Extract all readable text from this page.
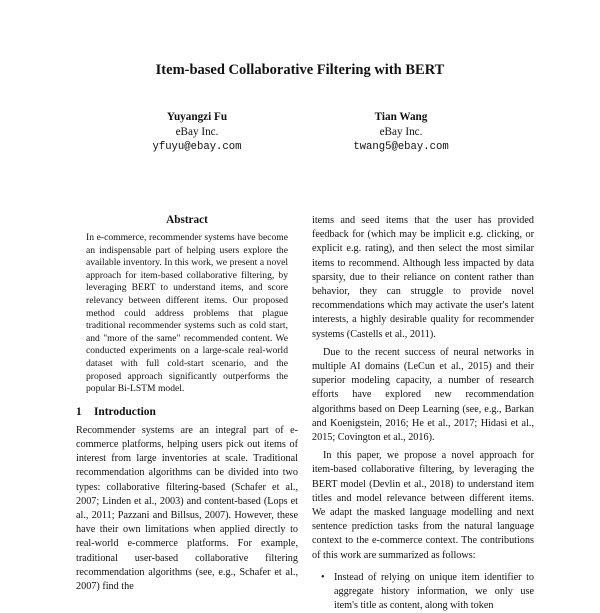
Item-based Collaborative Filtering with BERT
Yuyangzi Fu
eBay Inc.
yfuyu@ebay.com
Tian Wang
eBay Inc.
twang5@ebay.com
Abstract

In e-commerce, recommender systems have become an indispensable part of helping users explore the available inventory. In this work, we present a novel approach for item-based collaborative filtering, by leveraging BERT to understand items, and score relevancy between different items. Our proposed method could address problems that plague traditional recommender systems such as cold start, and "more of the same" recommended content. We conducted experiments on a large-scale real-world dataset with full cold-start scenario, and the proposed approach significantly outperforms the popular Bi-LSTM model.

1 Introduction

Recommender systems are an integral part of e-commerce platforms, helping users pick out items of interest from large inventories at scale. Traditional recommendation algorithms can be divided into two types: collaborative filtering-based (Schafer et al., 2007; Linden et al., 2003) and content-based (Lops et al., 2011; Pazzani and Billsus, 2007). However, these have their own limitations when applied directly to real-world e-commerce platforms. For example, traditional user-based collaborative filtering recommendation algorithms (see, e.g., Schafer et al., 2007) find the

items and seed items that the user has provided feedback for (which may be implicit e.g. clicking, or explicit e.g. rating), and then select the most similar items to recommend. Although less impacted by data sparsity, due to their reliance on content rather than behavior, they can struggle to provide novel recommendations which may activate the user's latent interests, a highly desirable quality for recommender systems (Castells et al., 2011).

Due to the recent success of neural networks in multiple AI domains (LeCun et al., 2015) and their superior modeling capacity, a number of research efforts have explored new recommendation algorithms based on Deep Learning (see, e.g., Barkan and Koenigstein, 2016; He et al., 2017; Hidasi et al., 2015; Covington et al., 2016).

In this paper, we propose a novel approach for item-based collaborative filtering, by leveraging the BERT model (Devlin et al., 2018) to understand item titles and model relevance between different items. We adapt the masked language modelling and next sentence prediction tasks from the natural language context to the e-commerce context. The contributions of this work are summarized as follows:

• Instead of relying on unique item identifier to aggregate history information, we only use item's title as content, along with token
